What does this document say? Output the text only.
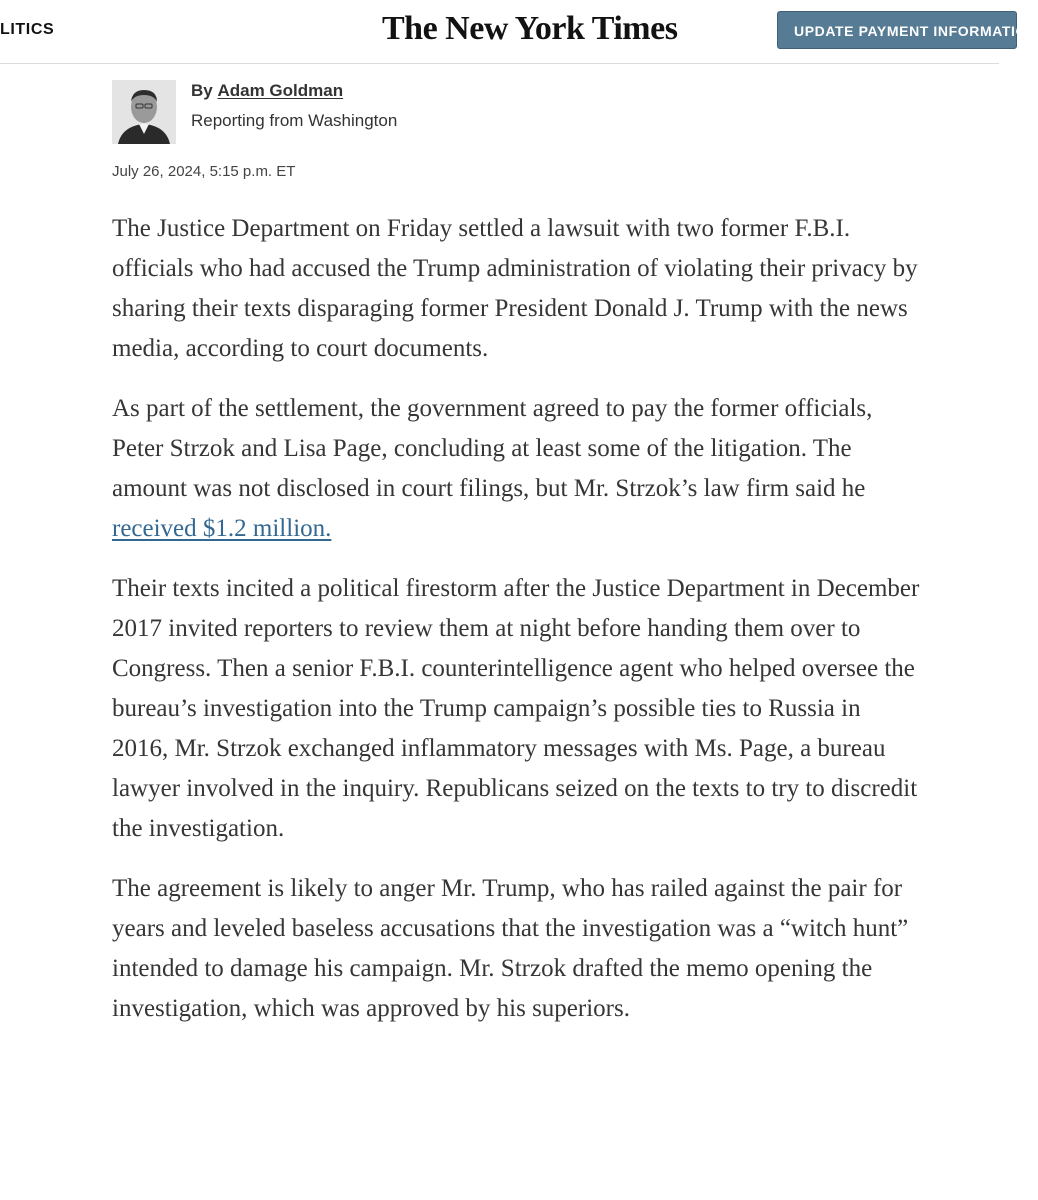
LITICS	The New York Times	UPDATE PAYMENT INFORMATION
By Adam Goldman
Reporting from Washington
July 26, 2024, 5:15 p.m. ET

The Justice Department on Friday settled a lawsuit with two former F.B.I. officials who had accused the Trump administration of violating their privacy by sharing their texts disparaging former President Donald J. Trump with the news media, according to court documents.

As part of the settlement, the government agreed to pay the former officials, Peter Strzok and Lisa Page, concluding at least some of the litigation. The amount was not disclosed in court filings, but Mr. Strzok’s law firm said he received $1.2 million.

Their texts incited a political firestorm after the Justice Department in December 2017 invited reporters to review them at night before handing them over to Congress. Then a senior F.B.I. counterintelligence agent who helped oversee the bureau’s investigation into the Trump campaign’s possible ties to Russia in 2016, Mr. Strzok exchanged inflammatory messages with Ms. Page, a bureau lawyer involved in the inquiry. Republicans seized on the texts to try to discredit the investigation.

The agreement is likely to anger Mr. Trump, who has railed against the pair for years and leveled baseless accusations that the investigation was a “witch hunt” intended to damage his campaign. Mr. Strzok drafted the memo opening the investigation, which was approved by his superiors.
